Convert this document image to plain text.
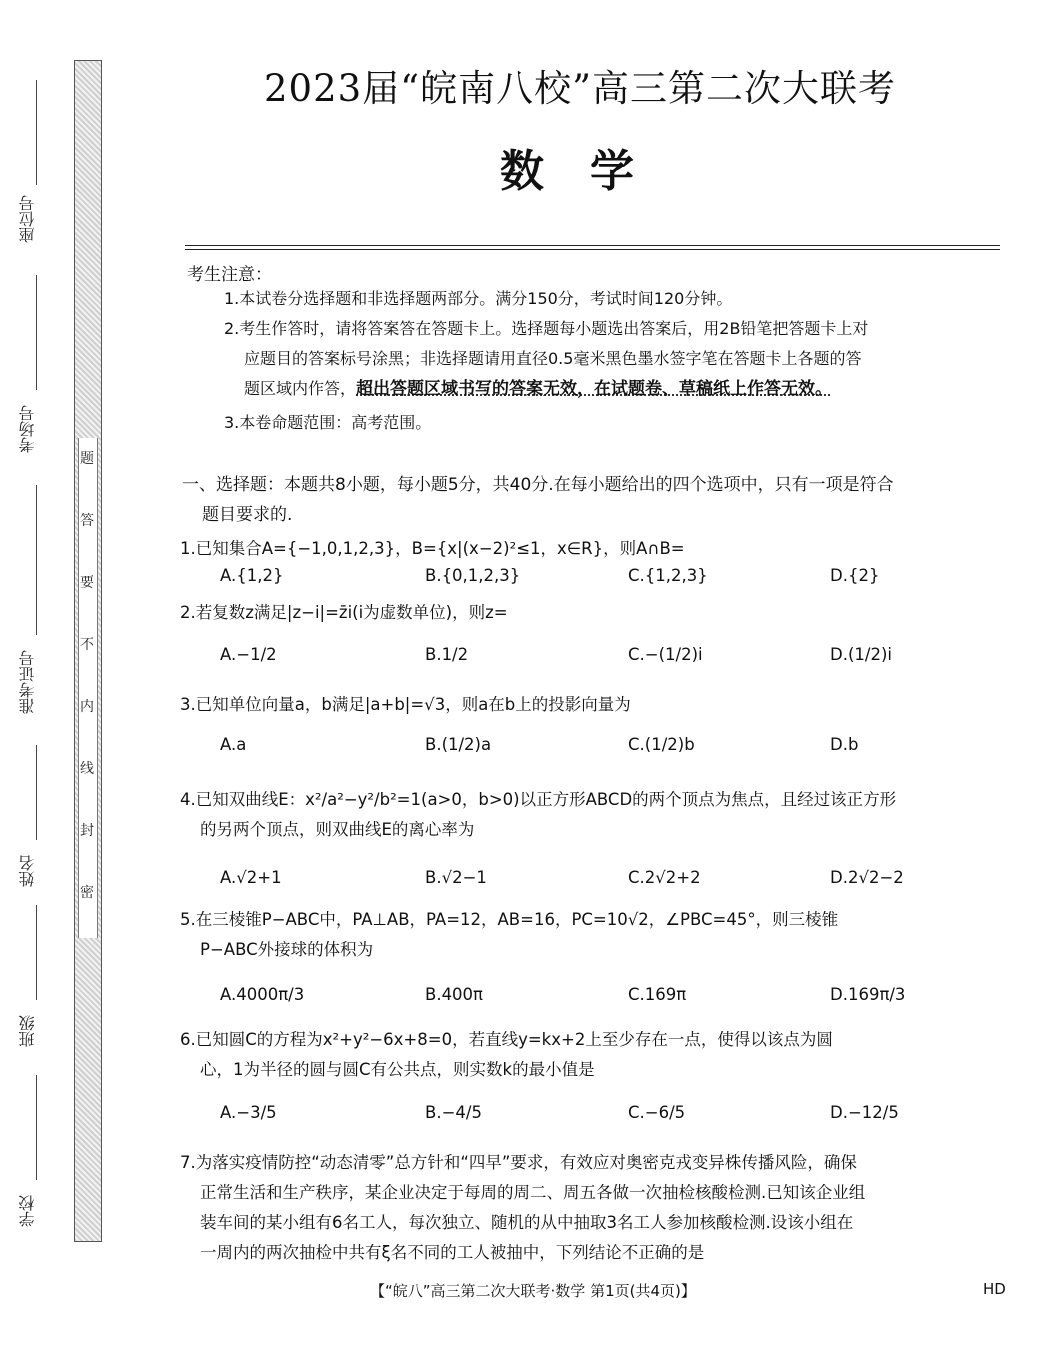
题
答
要
不
内
线
封
密
座位号
考场号
准考证号
姓名
班级
学校
2023届“皖南八校”高三第二次大联考
数学
考生注意：
1.本试卷分选择题和非选择题两部分。满分150分，考试时间120分钟。
2.考生作答时，请将答案答在答题卡上。选择题每小题选出答案后，用2B铅笔把答题卡上对
应题目的答案标号涂黑；非选择题请用直径0.5毫米黑色墨水签字笔在答题卡上各题的答
题区域内作答，超出答题区域书写的答案无效，在试题卷、草稿纸上作答无效。
3.本卷命题范围：高考范围。
一、选择题：本题共8小题，每小题5分，共40分.在每小题给出的四个选项中，只有一项是符合
题目要求的.
1.已知集合A={−1,0,1,2,3}，B={x|(x−2)²≤1，x∈R}，则A∩B=
A.{1,2}	B.{0,1,2,3}	C.{1,2,3}	D.{2}
2.若复数z满足|z−i|=z̄i(i为虚数单位)，则z=
A.−1/2	B.1/2	C.−(1/2)i	D.(1/2)i
3.已知单位向量a，b满足|a+b|=√3，则a在b上的投影向量为
A.a	B.(1/2)a	C.(1/2)b	D.b
4.已知双曲线E：x²/a²−y²/b²=1(a>0，b>0)以正方形ABCD的两个顶点为焦点，且经过该正方形
的另两个顶点，则双曲线E的离心率为
A.√2+1	B.√2−1	C.2√2+2	D.2√2−2
5.在三棱锥P−ABC中，PA⊥AB，PA=12，AB=16，PC=10√2，∠PBC=45°，则三棱锥
P−ABC外接球的体积为
A.4000π/3	B.400π	C.169π	D.169π/3
6.已知圆C的方程为x²+y²−6x+8=0，若直线y=kx+2上至少存在一点，使得以该点为圆
心，1为半径的圆与圆C有公共点，则实数k的最小值是
A.−3/5	B.−4/5	C.−6/5	D.−12/5
7.为落实疫情防控“动态清零”总方针和“四早”要求，有效应对奥密克戎变异株传播风险，确保
正常生活和生产秩序，某企业决定于每周的周二、周五各做一次抽检核酸检测.已知该企业组
装车间的某小组有6名工人，每次独立、随机的从中抽取3名工人参加核酸检测.设该小组在
一周内的两次抽检中共有ξ名不同的工人被抽中，下列结论不正确的是
【“皖八”高三第二次大联考·数学 第1页(共4页)】	HD
